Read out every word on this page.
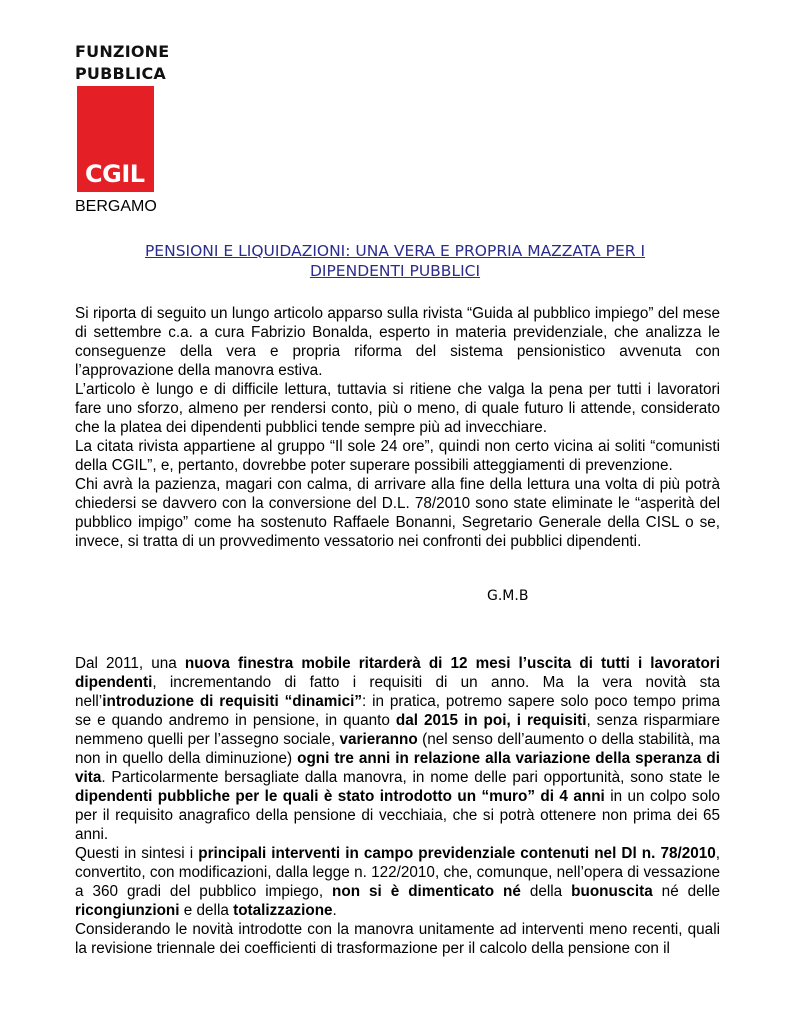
FUNZIONE
PUBBLICA
CGIL
BERGAMO
PENSIONI E LIQUIDAZIONI: UNA VERA E PROPRIA MAZZATA PER I DIPENDENTI PUBBLICI
Si riporta di seguito un lungo articolo apparso sulla rivista “Guida al pubblico impiego” del mese di settembre c.a. a cura Fabrizio Bonalda, esperto in materia previdenziale, che analizza le conseguenze della vera e propria riforma del sistema pensionistico avvenuta con l’approvazione della manovra estiva.
L’articolo è lungo e di difficile lettura, tuttavia si ritiene che valga la pena per tutti i lavoratori fare uno sforzo, almeno per rendersi conto, più o meno, di quale futuro li attende, considerato che la platea dei dipendenti pubblici tende sempre più ad invecchiare.
La citata rivista appartiene al gruppo “Il sole 24 ore”, quindi non certo vicina ai soliti “comunisti della CGIL”, e, pertanto, dovrebbe poter superare possibili atteggiamenti di prevenzione.
Chi avrà la pazienza, magari con calma, di arrivare alla fine della lettura una volta di più potrà chiedersi se davvero con la conversione del D.L. 78/2010 sono state eliminate le “asperità del pubblico impigo” come ha sostenuto Raffaele Bonanni, Segretario Generale della CISL o se, invece, si tratta di un provvedimento vessatorio nei confronti dei pubblici dipendenti.
G.M.B
Dal 2011, una nuova finestra mobile ritarderà di 12 mesi l’uscita di tutti i lavoratori dipendenti, incrementando di fatto i requisiti di un anno. Ma la vera novità sta nell’introduzione di requisiti “dinamici”: in pratica, potremo sapere solo poco tempo prima se e quando andremo in pensione, in quanto dal 2015 in poi, i requisiti, senza risparmiare nemmeno quelli per l’assegno sociale, varieranno (nel senso dell’aumento o della stabilità, ma non in quello della diminuzione) ogni tre anni in relazione alla variazione della speranza di vita. Particolarmente bersagliate dalla manovra, in nome delle pari opportunità, sono state le dipendenti pubbliche per le quali è stato introdotto un “muro” di 4 anni in un colpo solo per il requisito anagrafico della pensione di vecchiaia, che si potrà ottenere non prima dei 65 anni.
Questi in sintesi i principali interventi in campo previdenziale contenuti nel Dl n. 78/2010, convertito, con modificazioni, dalla legge n. 122/2010, che, comunque, nell’opera di vessazione a 360 gradi del pubblico impiego, non si è dimenticato né della buonuscita né delle ricongiunzioni e della totalizzazione.
Considerando le novità introdotte con la manovra unitamente ad interventi meno recenti, quali la revisione triennale dei coefficienti di trasformazione per il calcolo della pensione con il
